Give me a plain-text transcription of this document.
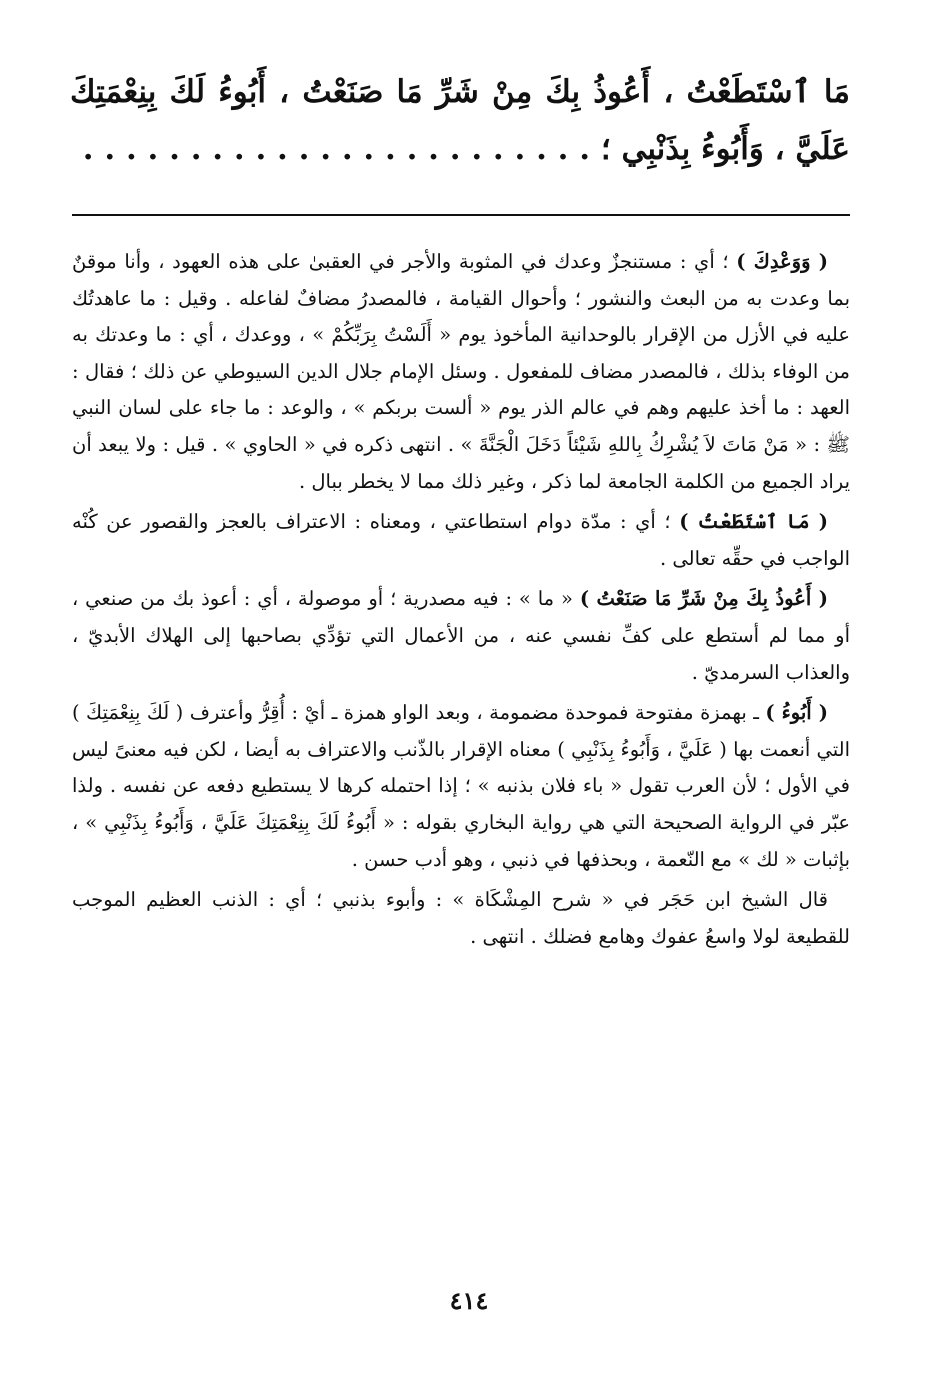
مَا ٱسْتَطَعْتُ ، أَعُوذُ بِكَ مِنْ شَرِّ مَا صَنَعْتُ ، أَبُوءُ لَكَ بِنِعْمَتِكَ عَلَيَّ ، وَأَبُوءُ بِذَنْبِي ؛ . . . . . . . . . . . . . . . . . . . . . . . .

( وَوَعْدِكَ ) ؛ أي : مستنجزٌ وعدك في المثوبة والأجر في العقبىٰ على هذه العهود ، وأنا موقنٌ بما وعدت به من البعث والنشور ؛ وأحوال القيامة ، فالمصدرُ مضافٌ لفاعله . وقيل : ما عاهدتُك عليه في الأزل من الإقرار بالوحدانية المأخوذ يوم « أَلَسْتُ بِرَبِّكُمْ » ، ووعدك ، أي : ما وعدتك به من الوفاء بذلك ، فالمصدر مضاف للمفعول . وسئل الإمام جلال الدين السيوطي عن ذلك ؛ فقال : العهد : ما أخذ عليهم وهم في عالم الذر يوم « ألست بربكم » ، والوعد : ما جاء على لسان النبي ﷺ : « مَنْ مَاتَ لاَ يُشْرِكُ بِاللهِ شَيْئاً دَخَلَ الْجَنَّةَ » . انتهى ذكره في « الحاوي » . قيل : ولا يبعد أن يراد الجميع من الكلمة الجامعة لما ذكر ، وغير ذلك مما لا يخطر ببال .

( مَا ٱسْتَطَعْتُ ) ؛ أي : مدّة دوام استطاعتي ، ومعناه : الاعتراف بالعجز والقصور عن كُنْه الواجب في حقِّه تعالى .

( أَعُوذُ بِكَ مِنْ شَرِّ مَا صَنَعْتُ ) « ما » : فيه مصدرية ؛ أو موصولة ، أي : أعوذ بك من صنعي ، أو مما لم أستطع على كفِّ نفسي عنه ، من الأعمال التي تؤدِّي بصاحبها إلى الهلاك الأبديّ ، والعذاب السرمديّ .

( أَبُوءُ ) ـ بهمزة مفتوحة فموحدة مضمومة ، وبعد الواو همزة ـ أيْ : أُقِرُّ وأعترف ( لَكَ بِنِعْمَتِكَ ) التي أنعمت بها ( عَلَيَّ ، وَأَبُوءُ بِذَنْبِي ) معناه الإقرار بالذّنب والاعتراف به أيضا ، لكن فيه معنىً ليس في الأول ؛ لأن العرب تقول « باء فلان بذنبه » ؛ إذا احتمله كرها لا يستطيع دفعه عن نفسه . ولذا عبّر في الرواية الصحيحة التي هي رواية البخاري بقوله : « أَبُوءُ لَكَ بِنِعْمَتِكَ عَلَيَّ ، وَأَبُوءُ بِذَنْبِي » ، بإثبات « لك » مع النّعمة ، وبحذفها في ذنبي ، وهو أدب حسن .

قال الشيخ ابن حَجَر في « شرح المِشْكَاة » : وأبوء بذنبي ؛ أي : الذنب العظيم الموجب للقطيعة لولا واسعُ عفوك وهامع فضلك . انتهى .

٤١٤
